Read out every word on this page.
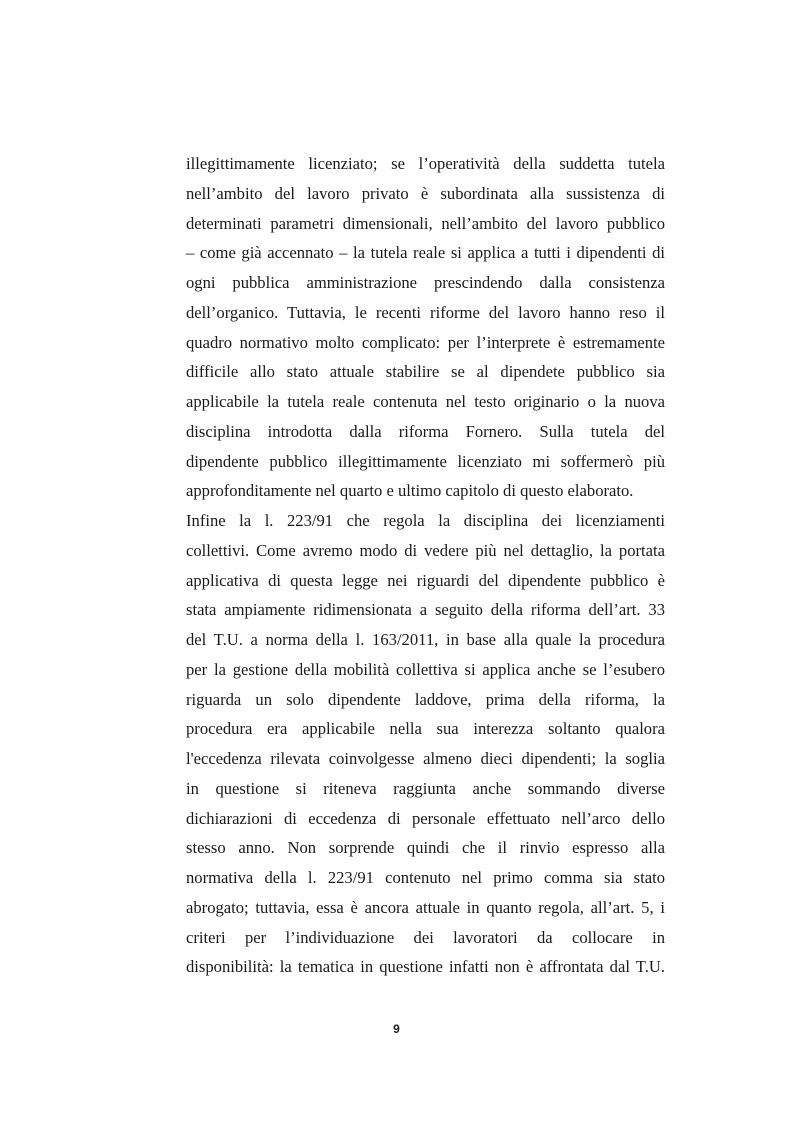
illegittimamente licenziato; se l’operatività della suddetta tutela
nell’ambito del lavoro privato è subordinata alla sussistenza di
determinati parametri dimensionali, nell’ambito del lavoro pubblico
– come già accennato – la tutela reale si applica a tutti i dipendenti di
ogni pubblica amministrazione prescindendo dalla consistenza
dell’organico. Tuttavia, le recenti riforme del lavoro hanno reso il
quadro normativo molto complicato: per l’interprete è estremamente
difficile allo stato attuale stabilire se al dipendete pubblico sia
applicabile la tutela reale contenuta nel testo originario o la nuova
disciplina introdotta dalla riforma Fornero. Sulla tutela del
dipendente pubblico illegittimamente licenziato mi soffermerò più
approfonditamente nel quarto e ultimo capitolo di questo elaborato.
Infine la l. 223/91 che regola la disciplina dei licenziamenti
collettivi. Come avremo modo di vedere più nel dettaglio, la portata
applicativa di questa legge nei riguardi del dipendente pubblico è
stata ampiamente ridimensionata a seguito della riforma dell’art. 33
del T.U. a norma della l. 163/2011, in base alla quale la procedura
per la gestione della mobilità collettiva si applica anche se l’esubero
riguarda un solo dipendente laddove, prima della riforma, la
procedura era applicabile nella sua interezza soltanto qualora
l'eccedenza rilevata coinvolgesse almeno dieci dipendenti; la soglia
in questione si riteneva raggiunta anche sommando diverse
dichiarazioni di eccedenza di personale effettuato nell’arco dello
stesso anno. Non sorprende quindi che il rinvio espresso alla
normativa della l. 223/91 contenuto nel primo comma sia stato
abrogato; tuttavia, essa è ancora attuale in quanto regola, all’art. 5, i
criteri per l’individuazione dei lavoratori da collocare in
disponibilità: la tematica in questione infatti non è affrontata dal T.U.
9
